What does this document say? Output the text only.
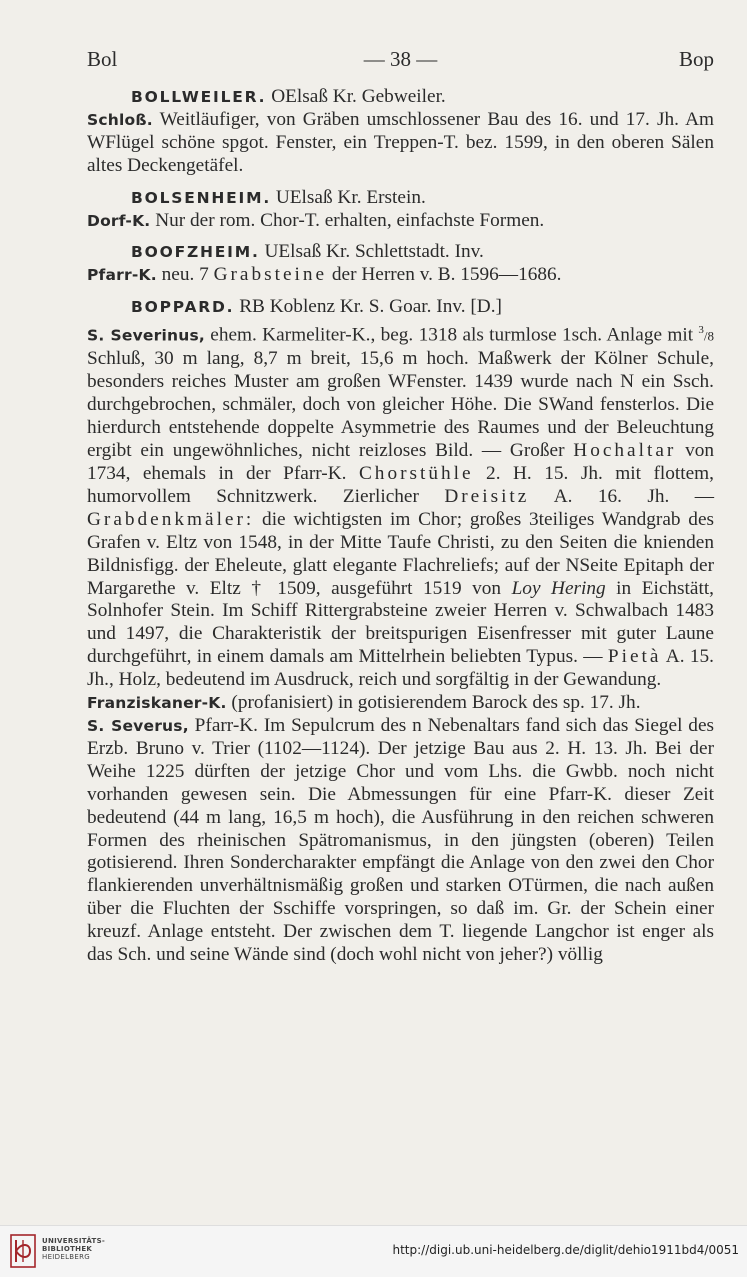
Bol	— 38 —	Bop

BOLLWEILER. OElsaß Kr. Gebweiler.

Schloß. Weitläufiger, von Gräben umschlossener Bau des 16. und 17. Jh. Am WFlügel schöne spgot. Fenster, ein Treppen-T. bez. 1599, in den oberen Sälen altes Deckengetäfel.

BOLSENHEIM. UElsaß Kr. Erstein.

Dorf-K. Nur der rom. Chor-T. erhalten, einfachste Formen.

BOOFZHEIM. UElsaß Kr. Schlettstadt. Inv.

Pfarr-K. neu. 7 Grabsteine der Herren v. B. 1596—1686.

BOPPARD. RB Koblenz Kr. S. Goar. Inv. [D.]

S. Severinus, ehem. Karmeliter-K., beg. 1318 als turmlose 1sch. Anlage mit $^3$/8 Schluß, 30 m lang, 8,7 m breit, 15,6 m hoch. Maßwerk der Kölner Schule, besonders reiches Muster am großen WFenster. 1439 wurde nach N ein Ssch. durchgebrochen, schmäler, doch von gleicher Höhe. Die SWand fensterlos. Die hierdurch entstehende doppelte Asymmetrie des Raumes und der Beleuchtung ergibt ein ungewöhnliches, nicht reizloses Bild. — Großer Hochaltar von 1734, ehemals in der Pfarr-K. Chorstühle 2. H. 15. Jh. mit flottem, humorvollem Schnitzwerk. Zierlicher Dreisitz A. 16. Jh. — Grabdenkmäler: die wichtigsten im Chor; großes 3teiliges Wandgrab des Grafen v. Eltz von 1548, in der Mitte Taufe Christi, zu den Seiten die knienden Bildnisfigg. der Eheleute, glatt elegante Flachreliefs; auf der NSeite Epitaph der Margarethe v. Eltz † 1509, ausgeführt 1519 von Loy Hering in Eichstätt, Solnhofer Stein. Im Schiff Rittergrabsteine zweier Herren v. Schwalbach 1483 und 1497, die Charakteristik der breitspurigen Eisenfresser mit guter Laune durchgeführt, in einem damals am Mittelrhein beliebten Typus. — Pietà A. 15. Jh., Holz, bedeutend im Ausdruck, reich und sorgfältig in der Gewandung.

Franziskaner-K. (profanisiert) in gotisierendem Barock des sp. 17. Jh.

S. Severus, Pfarr-K. Im Sepulcrum des n Nebenaltars fand sich das Siegel des Erzb. Bruno v. Trier (1102—1124). Der jetzige Bau aus 2. H. 13. Jh. Bei der Weihe 1225 dürften der jetzige Chor und vom Lhs. die Gwbb. noch nicht vorhanden gewesen sein. Die Abmessungen für eine Pfarr-K. dieser Zeit bedeutend (44 m lang, 16,5 m hoch), die Ausführung in den reichen schweren Formen des rheinischen Spätromanismus, in den jüngsten (oberen) Teilen gotisierend. Ihren Sondercharakter empfängt die Anlage von den zwei den Chor flankierenden unverhältnismäßig großen und starken OTürmen, die nach außen über die Fluchten der Sschiffe vorspringen, so daß im. Gr. der Schein einer kreuzf. Anlage entsteht. Der zwischen dem T. liegende Langchor ist enger als das Sch. und seine Wände sind (doch wohl nicht von jeher?) völlig

UNIVERSITÄTS-
BIBLIOTHEK
HEIDELBERG	http://digi.ub.uni-heidelberg.de/diglit/dehio1911bd4/0051
